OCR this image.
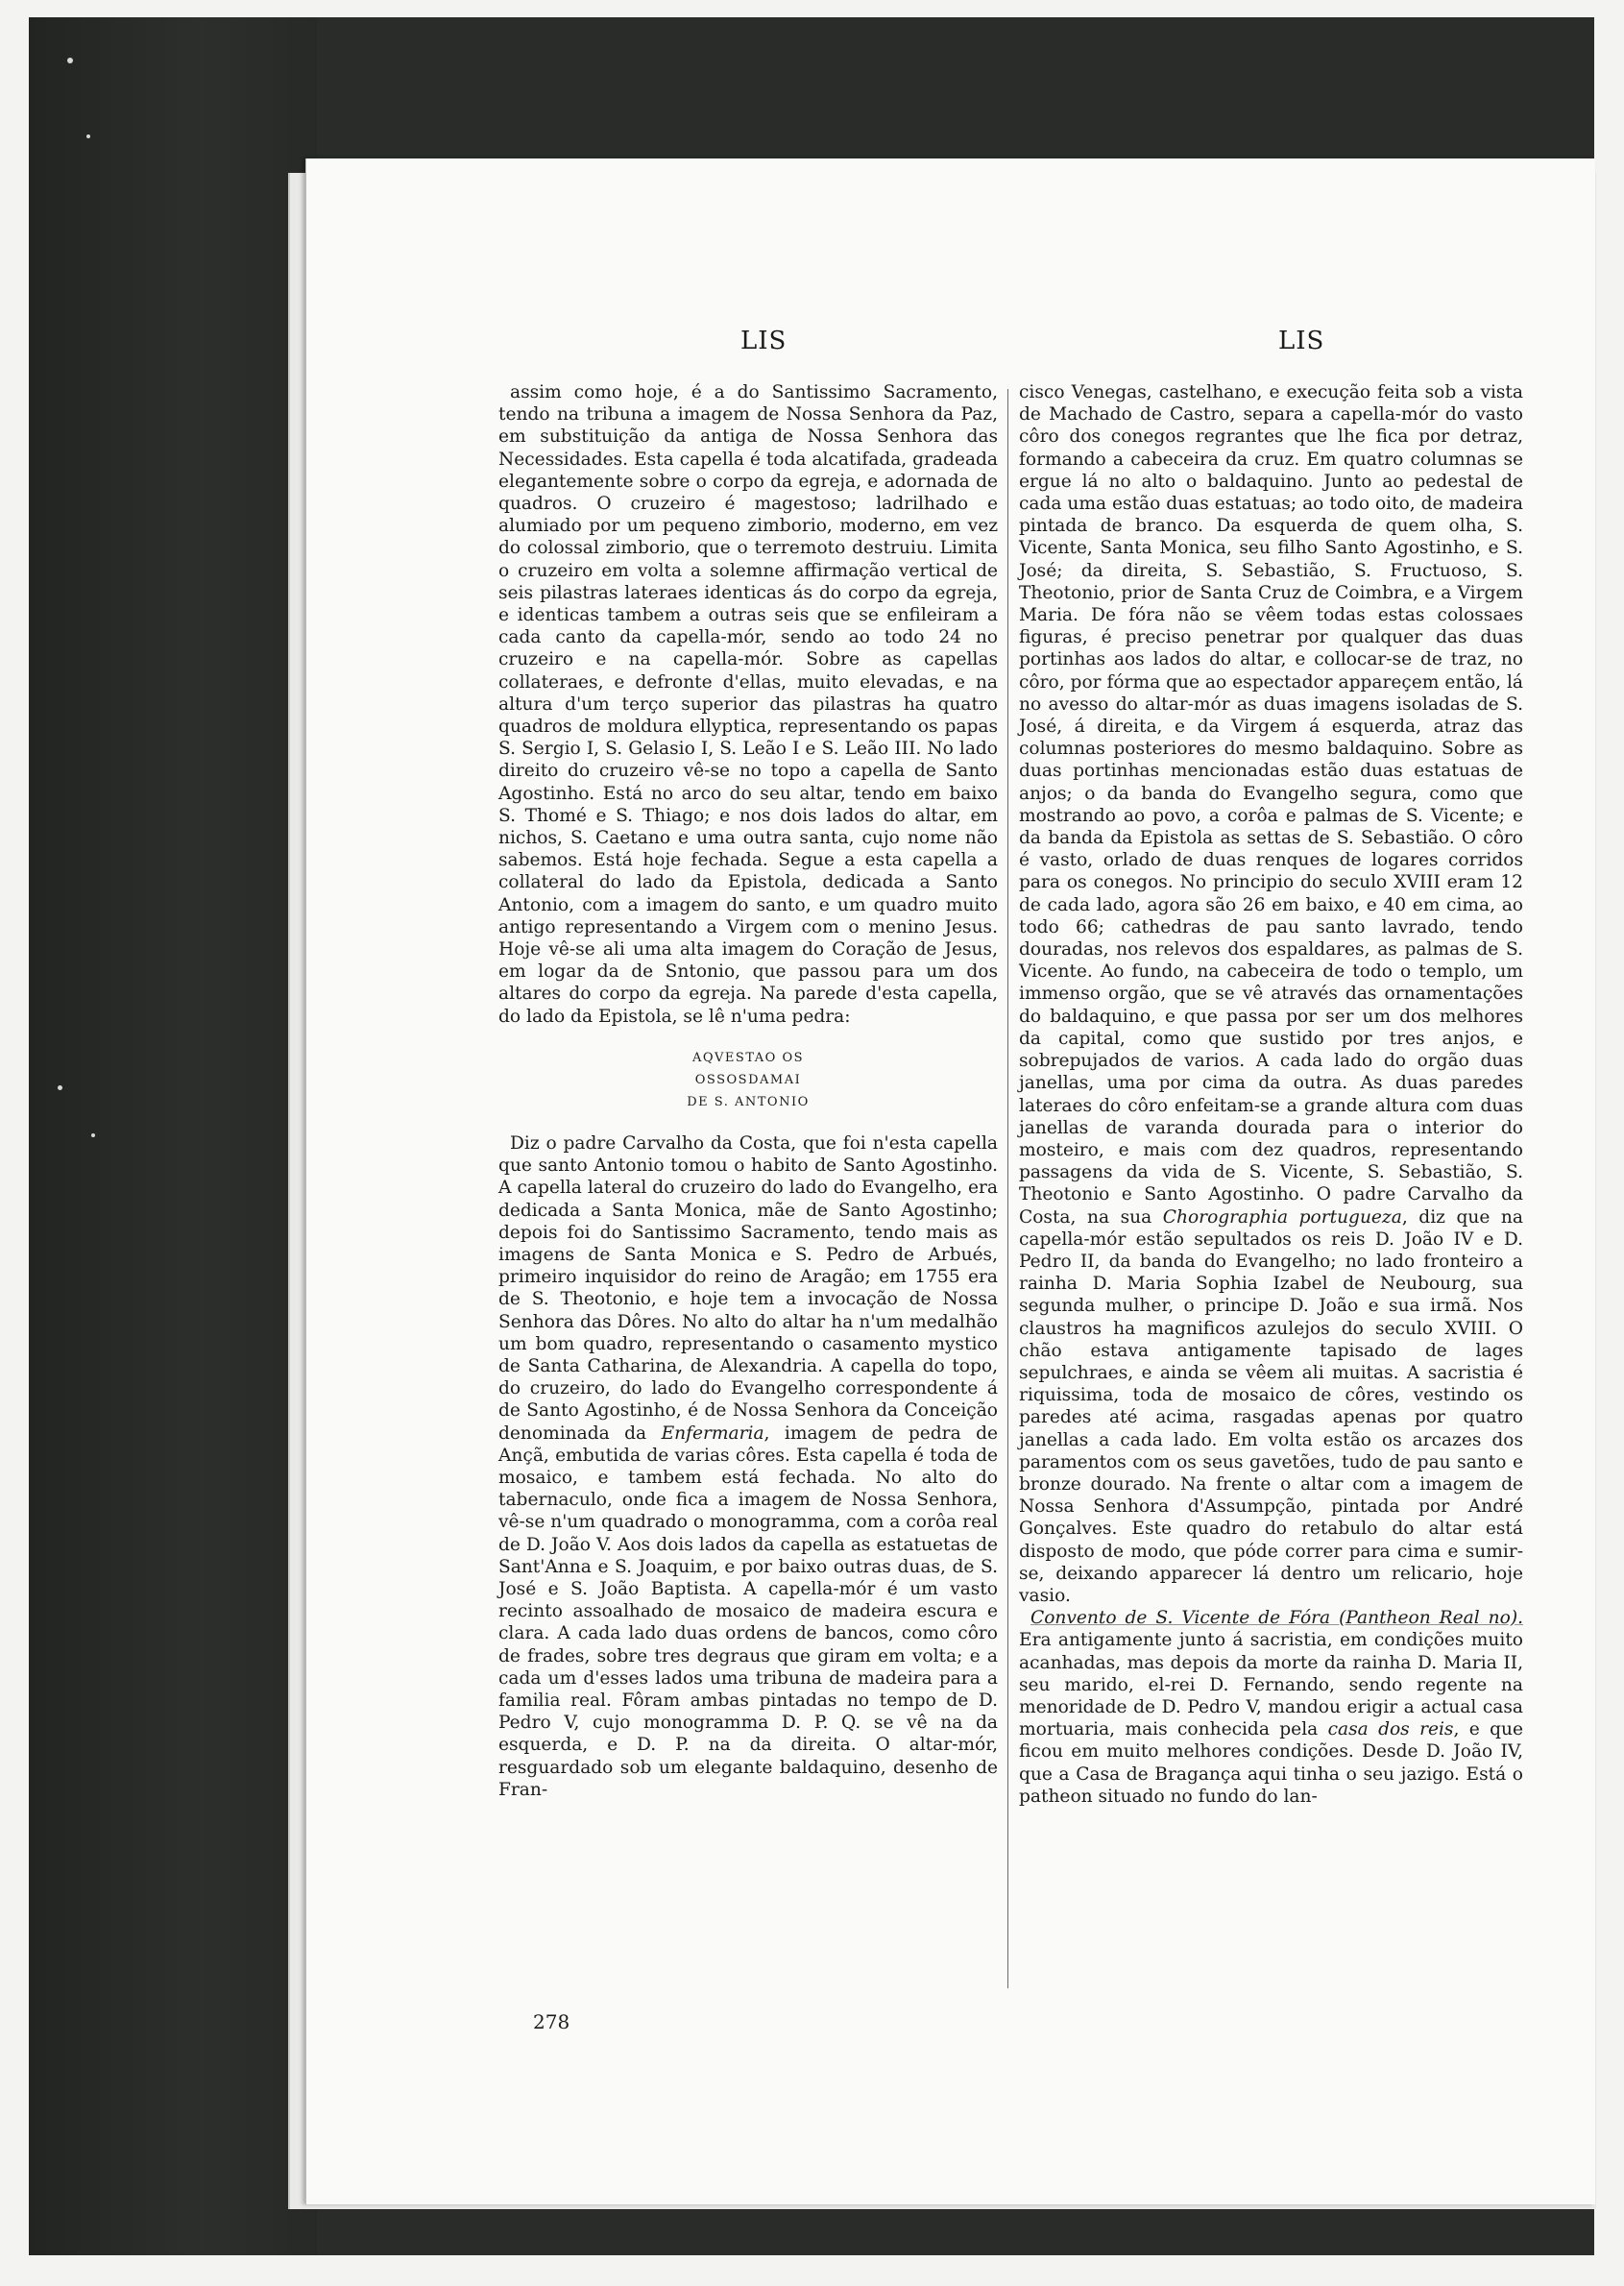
LIS	LIS

assim como hoje, é a do Santissimo Sacramento, tendo na tribuna a imagem de Nossa Senhora da Paz, em substituição da antiga de Nossa Senhora das Necessidades. Esta capella é toda alcatifada, gradeada elegantemente sobre o corpo da egreja, e adornada de quadros. O cruzeiro é magestoso; ladrilhado e alumiado por um pequeno zimborio, moderno, em vez do colossal zimborio, que o terremoto destruiu. Limita o cruzeiro em volta a solemne affirmação vertical de seis pilastras lateraes identicas ás do corpo da egreja, e identicas tambem a outras seis que se enfileiram a cada canto da capella-mór, sendo ao todo 24 no cruzeiro e na capella-mór. Sobre as capellas collateraes, e defronte d'ellas, muito elevadas, e na altura d'um terço superior das pilastras ha quatro quadros de moldura ellyptica, representando os papas S. Sergio I, S. Gelasio I, S. Leão I e S. Leão III. No lado direito do cruzeiro vê-se no topo a capella de Santo Agostinho. Está no arco do seu altar, tendo em baixo S. Thomé e S. Thiago; e nos dois lados do altar, em nichos, S. Caetano e uma outra santa, cujo nome não sabemos. Está hoje fechada. Segue a esta capella a collateral do lado da Epistola, dedicada a Santo Antonio, com a imagem do santo, e um quadro muito antigo representando a Virgem com o menino Jesus. Hoje vê-se ali uma alta imagem do Coração de Jesus, em logar da de Sntonio, que passou para um dos altares do corpo da egreja. Na parede d'esta capella, do lado da Epistola, se lê n'uma pedra:

AQVESTAO OS
OSSOSDAMAI
DE S. ANTONIO

Diz o padre Carvalho da Costa, que foi n'esta capella que santo Antonio tomou o habito de Santo Agostinho. A capella lateral do cruzeiro do lado do Evangelho, era dedicada a Santa Monica, mãe de Santo Agostinho; depois foi do Santissimo Sacramento, tendo mais as imagens de Santa Monica e S. Pedro de Arbués, primeiro inquisidor do reino de Aragão; em 1755 era de S. Theotonio, e hoje tem a invocação de Nossa Senhora das Dôres. No alto do altar ha n'um medalhão um bom quadro, representando o casamento mystico de Santa Catharina, de Alexandria. A capella do topo, do cruzeiro, do lado do Evangelho correspondente á de Santo Agostinho, é de Nossa Senhora da Conceição denominada da Enfermaria, imagem de pedra de Ançã, embutida de varias côres. Esta capella é toda de mosaico, e tambem está fechada. No alto do tabernaculo, onde fica a imagem de Nossa Senhora, vê-se n'um quadrado o monogramma, com a corôa real de D. João V. Aos dois lados da capella as estatuetas de Sant'Anna e S. Joaquim, e por baixo outras duas, de S. José e S. João Baptista. A capella-mór é um vasto recinto assoalhado de mosaico de madeira escura e clara. A cada lado duas ordens de bancos, como côro de frades, sobre tres degraus que giram em volta; e a cada um d'esses lados uma tribuna de madeira para a familia real. Fôram ambas pintadas no tempo de D. Pedro V, cujo monogramma D. P. Q. se vê na da esquerda, e D. P. na da direita. O altar-mór, resguardado sob um elegante baldaquino, desenho de Fran-

cisco Venegas, castelhano, e execução feita sob a vista de Machado de Castro, separa a capella-mór do vasto côro dos conegos regrantes que lhe fica por detraz, formando a cabeceira da cruz. Em quatro columnas se ergue lá no alto o baldaquino. Junto ao pedestal de cada uma estão duas estatuas; ao todo oito, de madeira pintada de branco. Da esquerda de quem olha, S. Vicente, Santa Monica, seu filho Santo Agostinho, e S. José; da direita, S. Sebastião, S. Fructuoso, S. Theotonio, prior de Santa Cruz de Coimbra, e a Virgem Maria. De fóra não se vêem todas estas colossaes figuras, é preciso penetrar por qualquer das duas portinhas aos lados do altar, e collocar-se de traz, no côro, por fórma que ao espectador appareçem então, lá no avesso do altar-mór as duas imagens isoladas de S. José, á direita, e da Virgem á esquerda, atraz das columnas posteriores do mesmo baldaquino. Sobre as duas portinhas mencionadas estão duas estatuas de anjos; o da banda do Evangelho segura, como que mostrando ao povo, a corôa e palmas de S. Vicente; e da banda da Epistola as settas de S. Sebastião. O côro é vasto, orlado de duas renques de logares corridos para os conegos. No principio do seculo XVIII eram 12 de cada lado, agora são 26 em baixo, e 40 em cima, ao todo 66; cathedras de pau santo lavrado, tendo douradas, nos relevos dos espaldares, as palmas de S. Vicente. Ao fundo, na cabeceira de todo o templo, um immenso orgão, que se vê através das ornamentações do baldaquino, e que passa por ser um dos melhores da capital, como que sustido por tres anjos, e sobrepujados de varios. A cada lado do orgão duas janellas, uma por cima da outra. As duas paredes lateraes do côro enfeitam-se a grande altura com duas janellas de varanda dourada para o interior do mosteiro, e mais com dez quadros, representando passagens da vida de S. Vicente, S. Sebastião, S. Theotonio e Santo Agostinho. O padre Carvalho da Costa, na sua Chorographia portugueza, diz que na capella-mór estão sepultados os reis D. João IV e D. Pedro II, da banda do Evangelho; no lado fronteiro a rainha D. Maria Sophia Izabel de Neubourg, sua segunda mulher, o principe D. João e sua irmã. Nos claustros ha magnificos azulejos do seculo XVIII. O chão estava antigamente tapisado de lages sepulchraes, e ainda se vêem ali muitas. A sacristia é riquissima, toda de mosaico de côres, vestindo os paredes até acima, rasgadas apenas por quatro janellas a cada lado. Em volta estão os arcazes dos paramentos com os seus gavetões, tudo de pau santo e bronze dourado. Na frente o altar com a imagem de Nossa Senhora d'Assumpção, pintada por André Gonçalves. Este quadro do retabulo do altar está disposto de modo, que póde correr para cima e sumir-se, deixando apparecer lá dentro um relicario, hoje vasio.

Convento de S. Vicente de Fóra (Pantheon Real no). Era antigamente junto á sacristia, em condições muito acanhadas, mas depois da morte da rainha D. Maria II, seu marido, el-rei D. Fernando, sendo regente na menoridade de D. Pedro V, mandou erigir a actual casa mortuaria, mais conhecida pela casa dos reis, e que ficou em muito melhores condições. Desde D. João IV, que a Casa de Bragança aqui tinha o seu jazigo. Está o patheon situado no fundo do lan-

278
